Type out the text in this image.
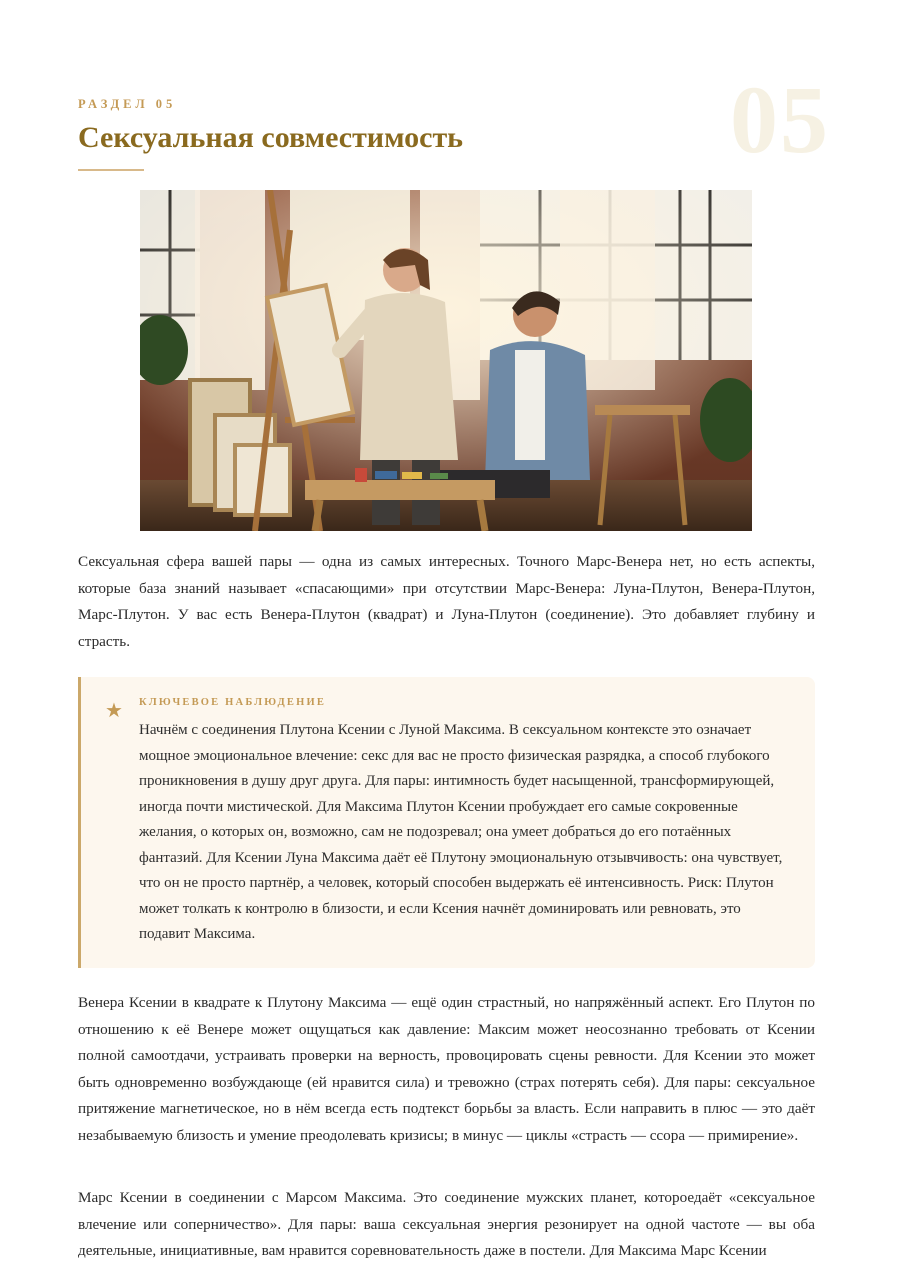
05
РАЗДЕЛ 05
Сексуальная совместимость

Сексуальная сфера вашей пары — одна из самых интересных. Точного Марс-Венера нет, но есть аспекты, которые база знаний называет «спасающими» при отсутствии Марс-Венера: Луна-Плутон, Венера-Плутон, Марс-Плутон. У вас есть Венера-Плутон (квадрат) и Луна-Плутон (соединение). Это добавляет глубину и страсть.

★ КЛЮЧЕВОЕ НАБЛЮДЕНИЕ

Начнём с соединения Плутона Ксении с Луной Максима. В сексуальном контексте это означает мощное эмоциональное влечение: секс для вас не просто физическая разрядка, а способ глубокого проникновения в душу друг друга. Для пары: интимность будет насыщенной, трансформирующей, иногда почти мистической. Для Максима Плутон Ксении пробуждает его самые сокровенные желания, о которых он, возможно, сам не подозревал; она умеет добраться до его потаённых фантазий. Для Ксении Луна Максима даёт её Плутону эмоциональную отзывчивость: она чувствует, что он не просто партнёр, а человек, который способен выдержать её интенсивность. Риск: Плутон может толкать к контролю в близости, и если Ксения начнёт доминировать или ревновать, это подавит Максима.

Венера Ксении в квадрате к Плутону Максима — ещё один страстный, но напряжённый аспект. Его Плутон по отношению к её Венере может ощущаться как давление: Максим может неосознанно требовать от Ксении полной самоотдачи, устраивать проверки на верность, провоцировать сцены ревности. Для Ксении это может быть одновременно возбуждающе (ей нравится сила) и тревожно (страх потерять себя). Для пары: сексуальное притяжение магнетическое, но в нём всегда есть подтекст борьбы за власть. Если направить в плюс — это даёт незабываемую близость и умение преодолевать кризисы; в минус — циклы «страсть — ссора — примирение».

Марс Ксении в соединении с Марсом Максима. Это соединение мужских планет, котороедаёт «сексуальное влечение или соперничество». Для пары: ваша сексуальная энергия резонирует на одной частоте — вы оба деятельные, инициативные, вам нравится соревновательность даже в постели. Для Максима Марс Ксении
